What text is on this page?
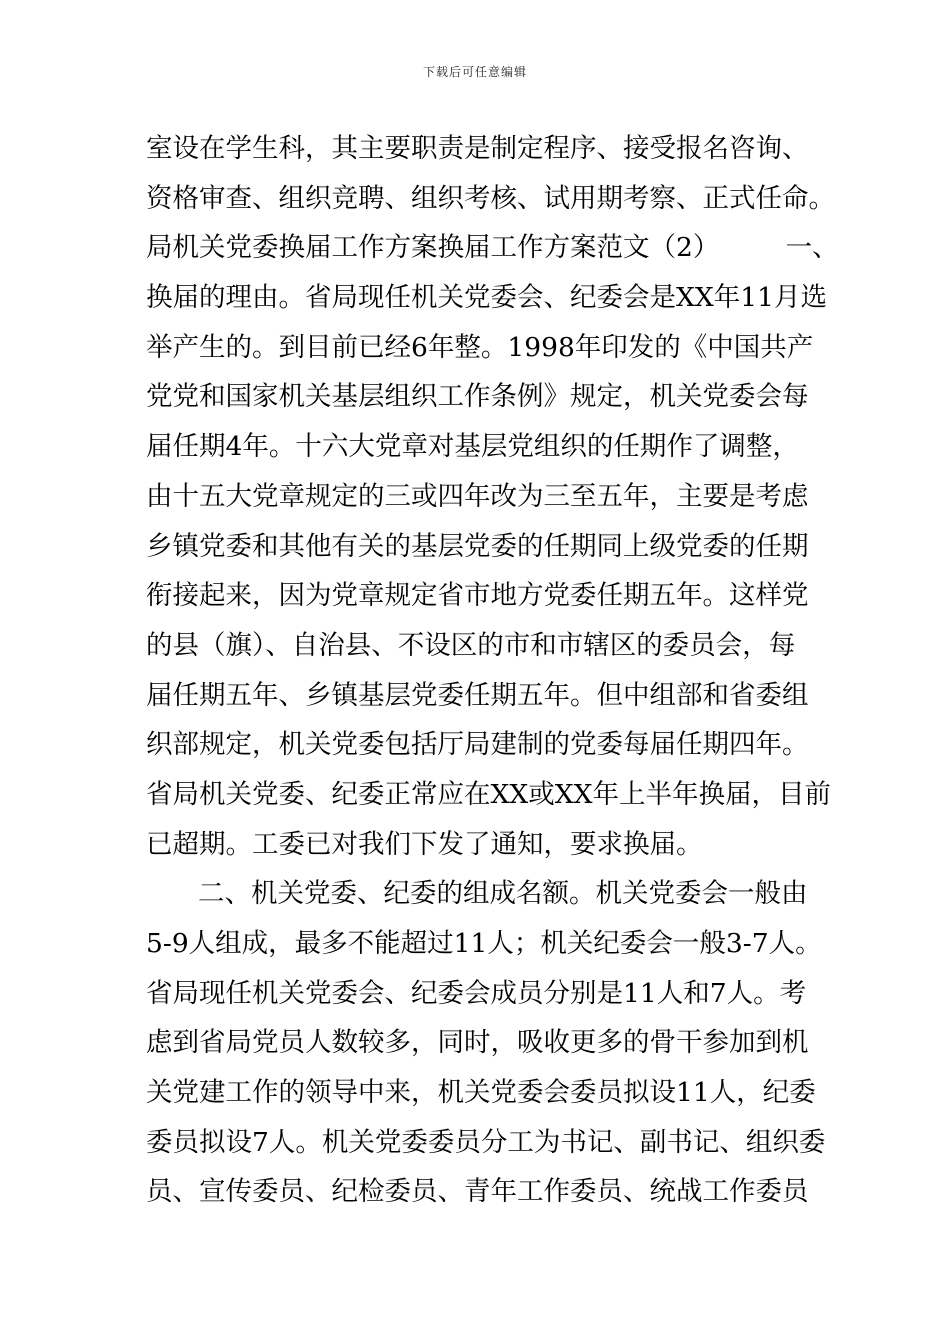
下载后可任意编辑
室设在学生科，其主要职责是制定程序、接受报名咨询、
资格审查、组织竞聘、组织考核、试用期考察、正式任命。
局机关党委换届工作方案换届工作方案范文（2）　　　一、
换届的理由。省局现任机关党委会、纪委会是XX年11月选
举产生的。到目前已经6年整。1998年印发的《中国共产
党党和国家机关基层组织工作条例》规定，机关党委会每
届任期4年。十六大党章对基层党组织的任期作了调整，
由十五大党章规定的三或四年改为三至五年，主要是考虑
乡镇党委和其他有关的基层党委的任期同上级党委的任期
衔接起来，因为党章规定省市地方党委任期五年。这样党
的县（旗）、自治县、不设区的市和市辖区的委员会，每
届任期五年、乡镇基层党委任期五年。但中组部和省委组
织部规定，机关党委包括厅局建制的党委每届任期四年。
省局机关党委、纪委正常应在XX或XX年上半年换届，目前
已超期。工委已对我们下发了通知，要求换届。
二、机关党委、纪委的组成名额。机关党委会一般由
5-9人组成，最多不能超过11人；机关纪委会一般3-7人。
省局现任机关党委会、纪委会成员分别是11人和7人。考
虑到省局党员人数较多，同时，吸收更多的骨干参加到机
关党建工作的领导中来，机关党委会委员拟设11人，纪委
委员拟设7人。机关党委委员分工为书记、副书记、组织委
员、宣传委员、纪检委员、青年工作委员、统战工作委员
